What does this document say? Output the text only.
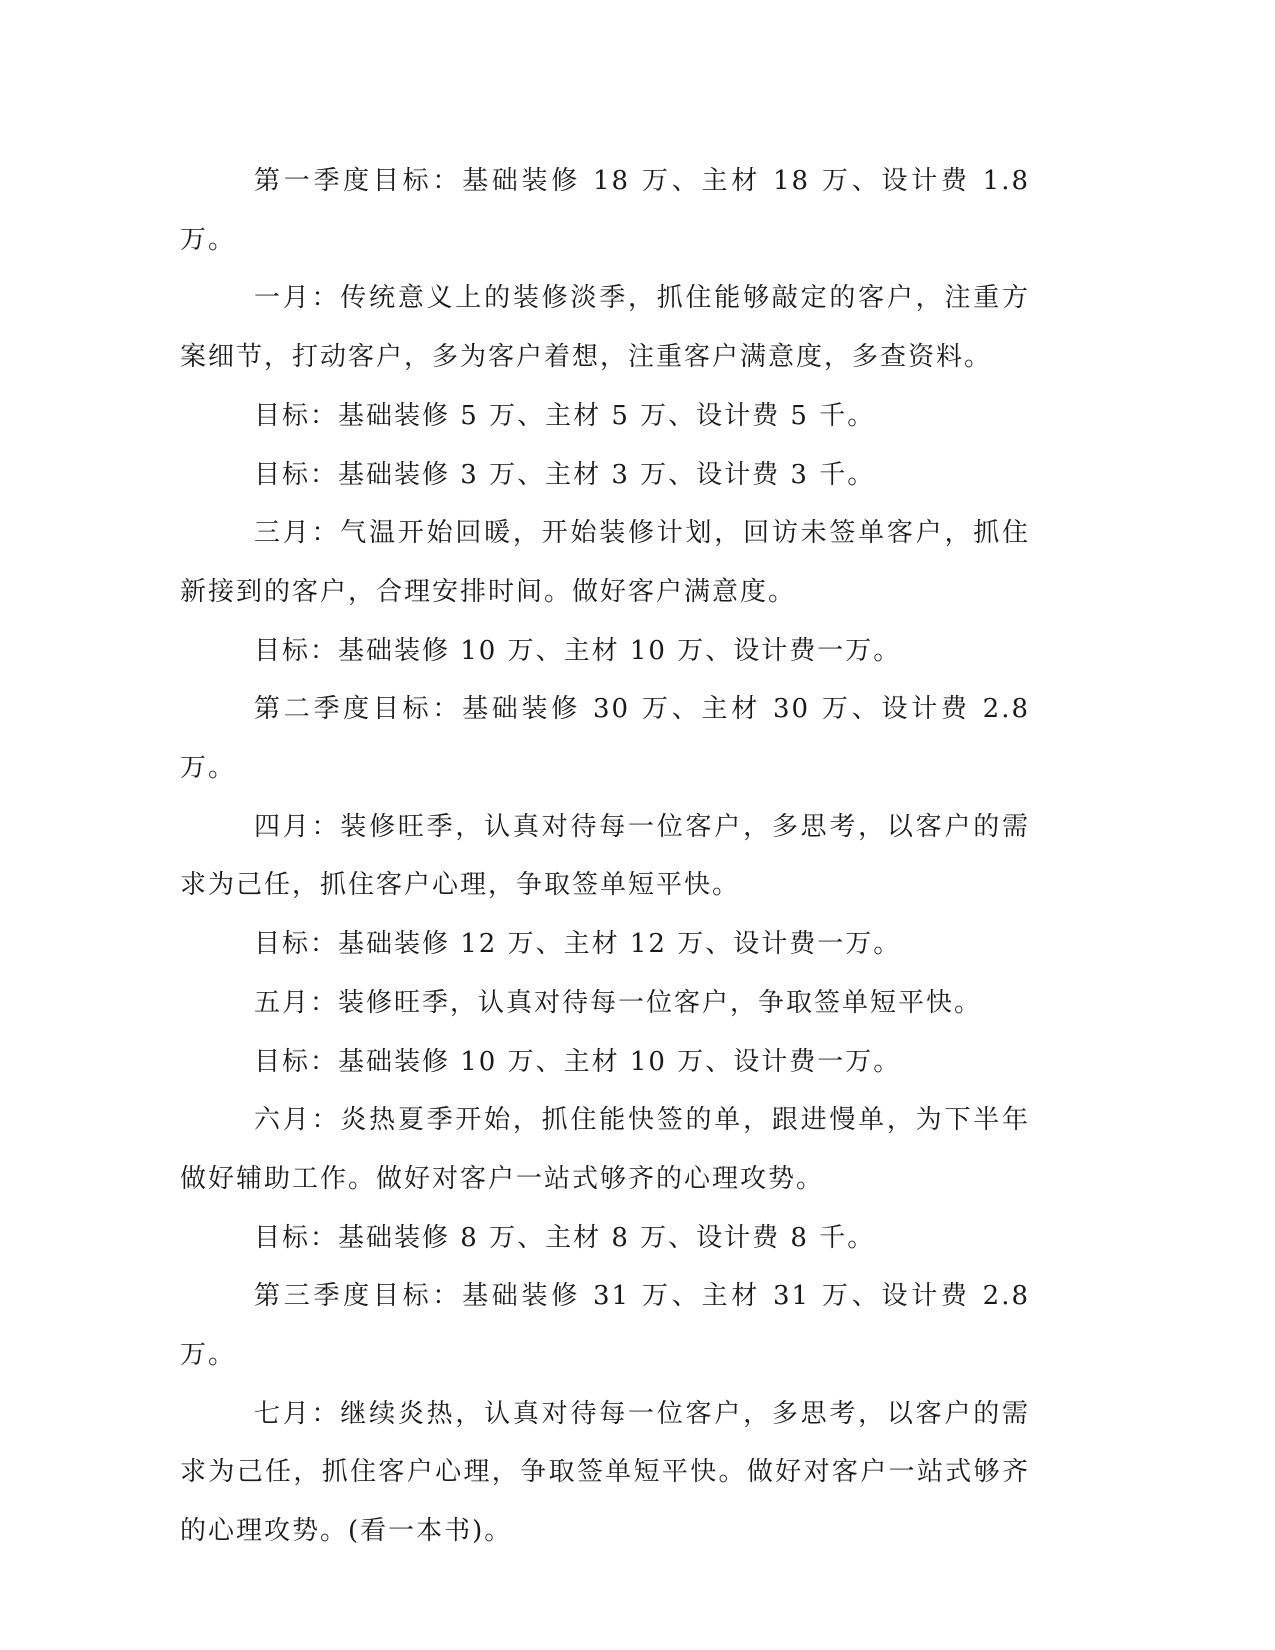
第一季度目标：基础装修 18 万、主材 18 万、设计费 1.8 万。

一月：传统意义上的装修淡季，抓住能够敲定的客户，注重方案细节，打动客户，多为客户着想，注重客户满意度，多查资料。

目标：基础装修 5 万、主材 5 万、设计费 5 千。

目标：基础装修 3 万、主材 3 万、设计费 3 千。

三月：气温开始回暖，开始装修计划，回访未签单客户，抓住新接到的客户，合理安排时间。做好客户满意度。

目标：基础装修 10 万、主材 10 万、设计费一万。

第二季度目标：基础装修 30 万、主材 30 万、设计费 2.8 万。

四月：装修旺季，认真对待每一位客户，多思考，以客户的需求为己任，抓住客户心理，争取签单短平快。

目标：基础装修 12 万、主材 12 万、设计费一万。

五月：装修旺季，认真对待每一位客户，争取签单短平快。

目标：基础装修 10 万、主材 10 万、设计费一万。

六月：炎热夏季开始，抓住能快签的单，跟进慢单，为下半年做好辅助工作。做好对客户一站式够齐的心理攻势。

目标：基础装修 8 万、主材 8 万、设计费 8 千。

第三季度目标：基础装修 31 万、主材 31 万、设计费 2.8 万。

七月：继续炎热，认真对待每一位客户，多思考，以客户的需求为己任，抓住客户心理，争取签单短平快。做好对客户一站式够齐的心理攻势。(看一本书)。
